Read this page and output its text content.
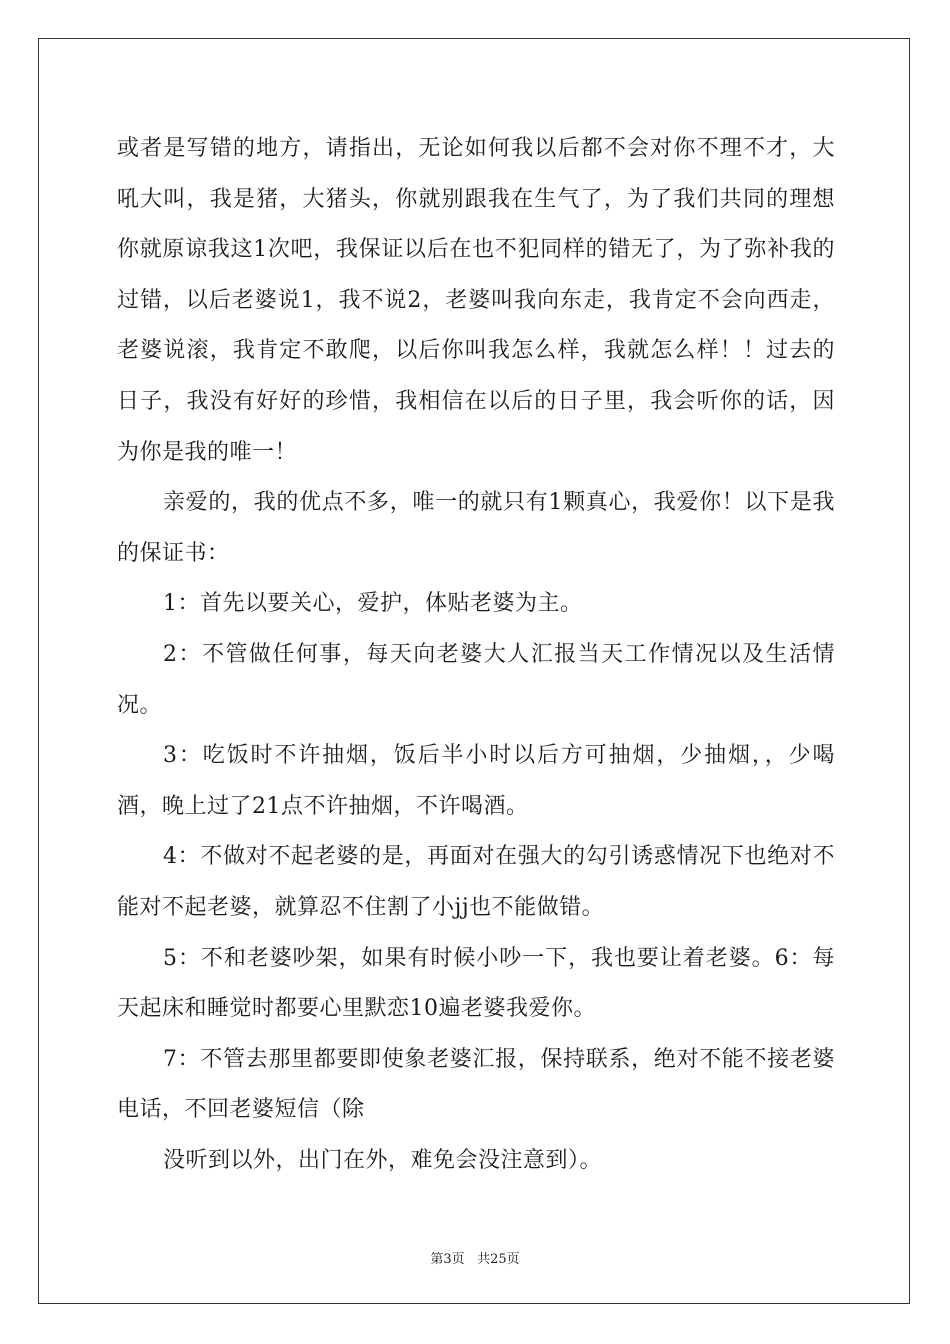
或者是写错的地方，请指出，无论如何我以后都不会对你不理不才，大吼大叫，我是猪，大猪头，你就别跟我在生气了，为了我们共同的理想你就原谅我这1次吧，我保证以后在也不犯同样的错无了，为了弥补我的过错，以后老婆说1，我不说2，老婆叫我向东走，我肯定不会向西走，老婆说滚，我肯定不敢爬，以后你叫我怎么样，我就怎么样！！过去的日子，我没有好好的珍惜，我相信在以后的日子里，我会听你的话，因为你是我的唯一！

亲爱的，我的优点不多，唯一的就只有1颗真心，我爱你！以下是我的保证书：

1：首先以要关心，爱护，体贴老婆为主。

2：不管做任何事，每天向老婆大人汇报当天工作情况以及生活情况。

3：吃饭时不许抽烟，饭后半小时以后方可抽烟，少抽烟，，少喝酒，晚上过了21点不许抽烟，不许喝酒。

4：不做对不起老婆的是，再面对在强大的勾引诱惑情况下也绝对不能对不起老婆，就算忍不住割了小jj也不能做错。

5：不和老婆吵架，如果有时候小吵一下，我也要让着老婆。6：每天起床和睡觉时都要心里默恋10遍老婆我爱你。

7：不管去那里都要即使象老婆汇报，保持联系，绝对不能不接老婆电话，不回老婆短信（除

没听到以外，出门在外，难免会没注意到）。

第3页 共25页
